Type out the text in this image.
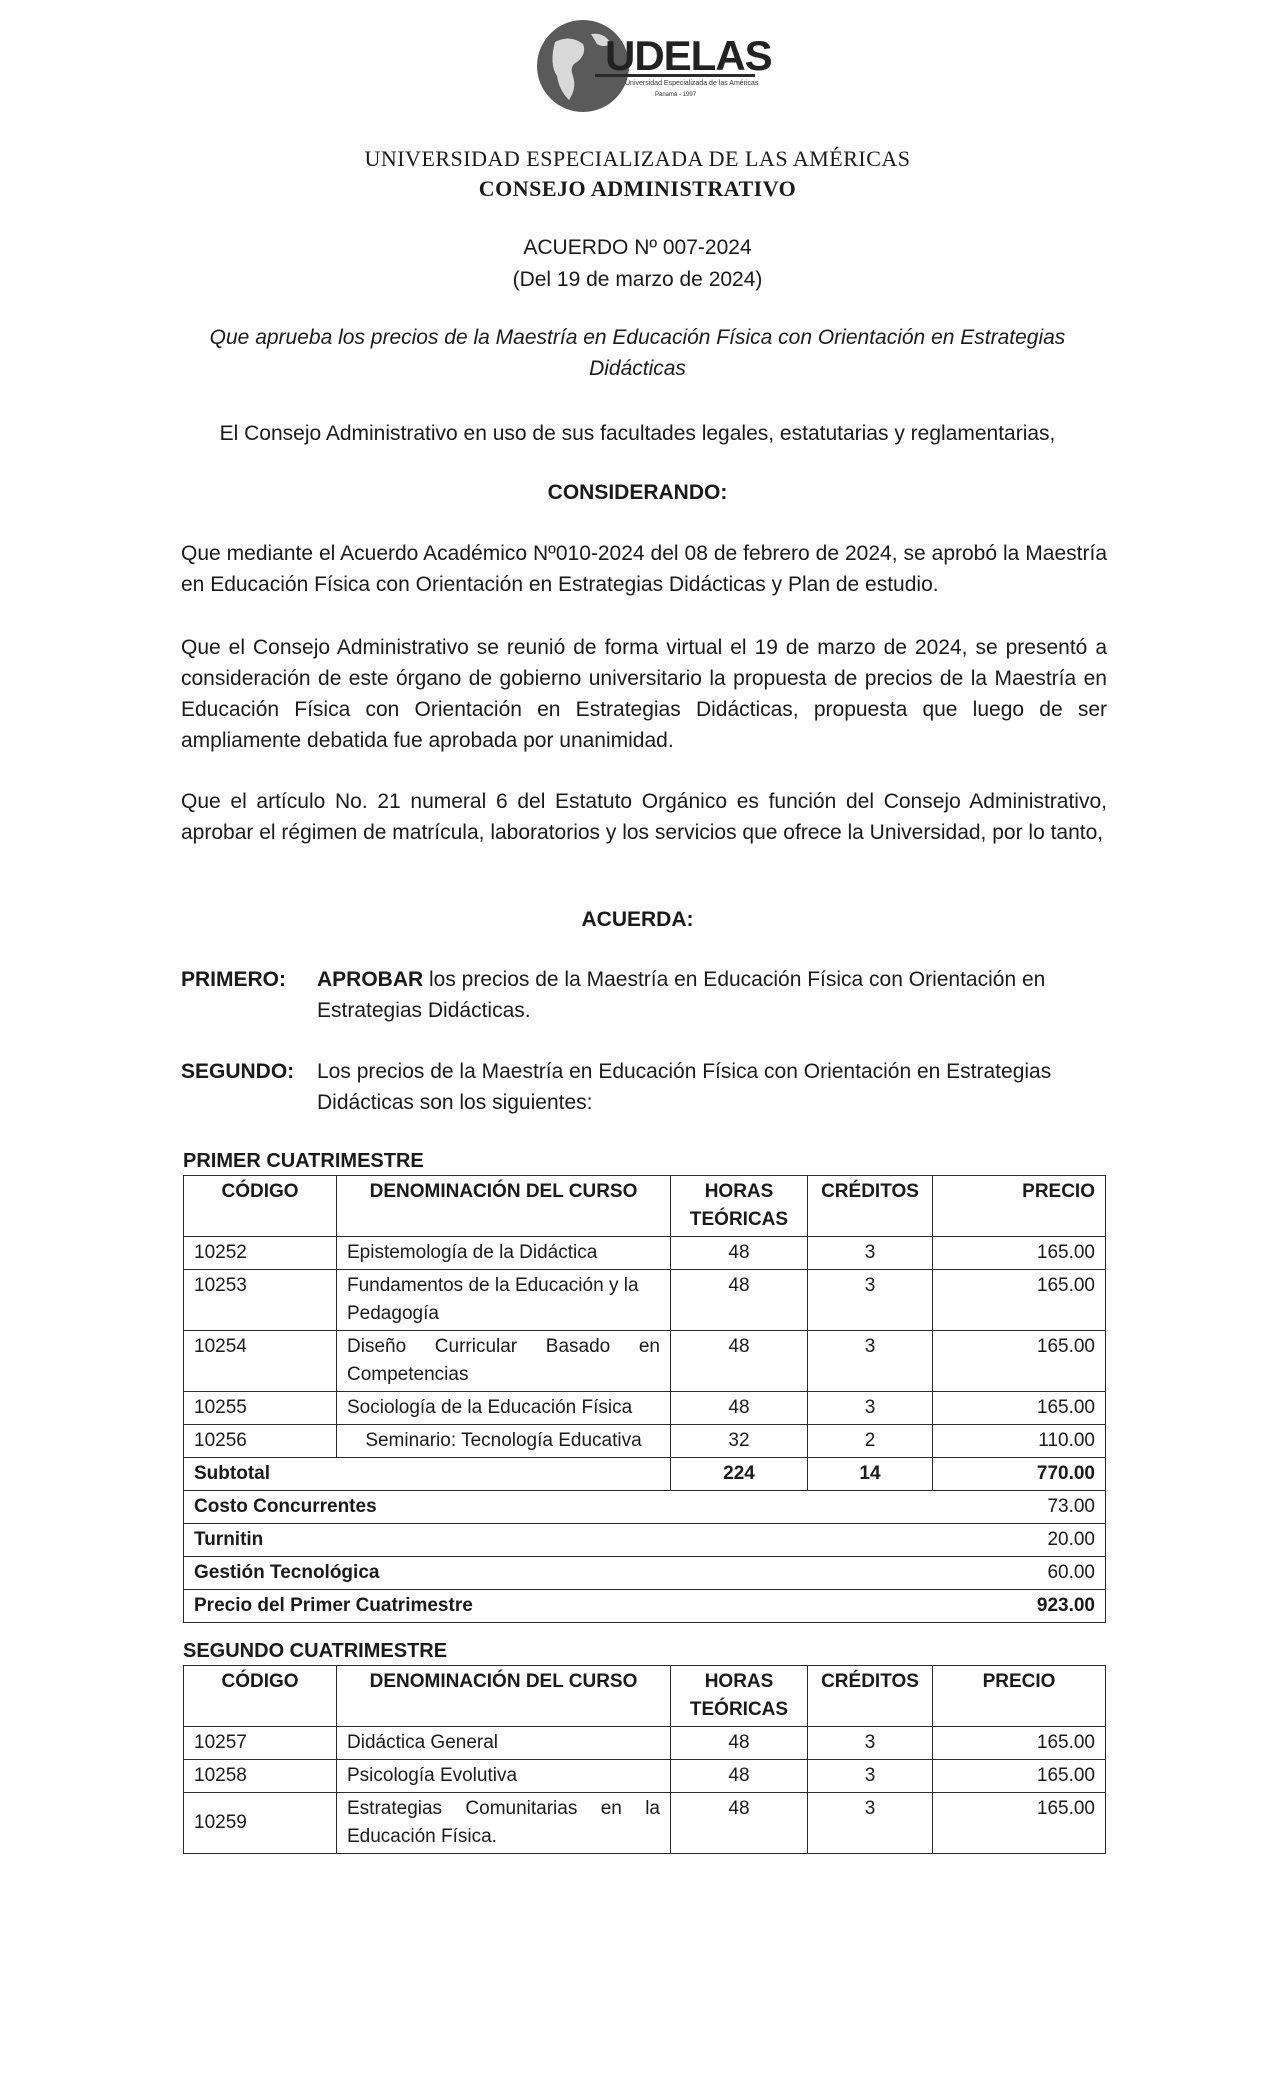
UDELAS
Universidad Especializada de las Américas
Panamá - 1997
UNIVERSIDAD ESPECIALIZADA DE LAS AMÉRICAS
CONSEJO ADMINISTRATIVO
ACUERDO Nº 007-2024
(Del 19 de marzo de 2024)
Que aprueba los precios de la Maestría en Educación Física con Orientación en Estrategias
Didácticas
El Consejo Administrativo en uso de sus facultades legales, estatutarias y reglamentarias,
CONSIDERANDO:
Que mediante el Acuerdo Académico Nº010-2024 del 08 de febrero de 2024, se aprobó la Maestría en Educación Física con Orientación en Estrategias Didácticas y Plan de estudio.
Que el Consejo Administrativo se reunió de forma virtual el 19 de marzo de 2024, se presentó a consideración de este órgano de gobierno universitario la propuesta de precios de la Maestría en Educación Física con Orientación en Estrategias Didácticas, propuesta que luego de ser ampliamente debatida fue aprobada por unanimidad.
Que el artículo No. 21 numeral 6 del Estatuto Orgánico es función del Consejo Administrativo, aprobar el régimen de matrícula, laboratorios y los servicios que ofrece la Universidad, por lo tanto,
ACUERDA:
PRIMERO: APROBAR los precios de la Maestría en Educación Física con Orientación en Estrategias Didácticas.
SEGUNDO: Los precios de la Maestría en Educación Física con Orientación en Estrategias Didácticas son los siguientes:
PRIMER CUATRIMESTRE
CÓDIGO	DENOMINACIÓN DEL CURSO	HORAS TEÓRICAS	CRÉDITOS	PRECIO
10252	Epistemología de la Didáctica	48	3	165.00
10253	Fundamentos de la Educación y la Pedagogía	48	3	165.00
10254	Diseño Curricular Basado en Competencias	48	3	165.00
10255	Sociología de la Educación Física	48	3	165.00
10256	Seminario: Tecnología Educativa	32	2	110.00
Subtotal		224	14	770.00
Costo Concurrentes				73.00
Turnitin				20.00
Gestión Tecnológica				60.00
Precio del Primer Cuatrimestre				923.00
SEGUNDO CUATRIMESTRE
CÓDIGO	DENOMINACIÓN DEL CURSO	HORAS TEÓRICAS	CRÉDITOS	PRECIO
10257	Didáctica General	48	3	165.00
10258	Psicología Evolutiva	48	3	165.00
10259	Estrategias Comunitarias en la Educación Física.	48	3	165.00
